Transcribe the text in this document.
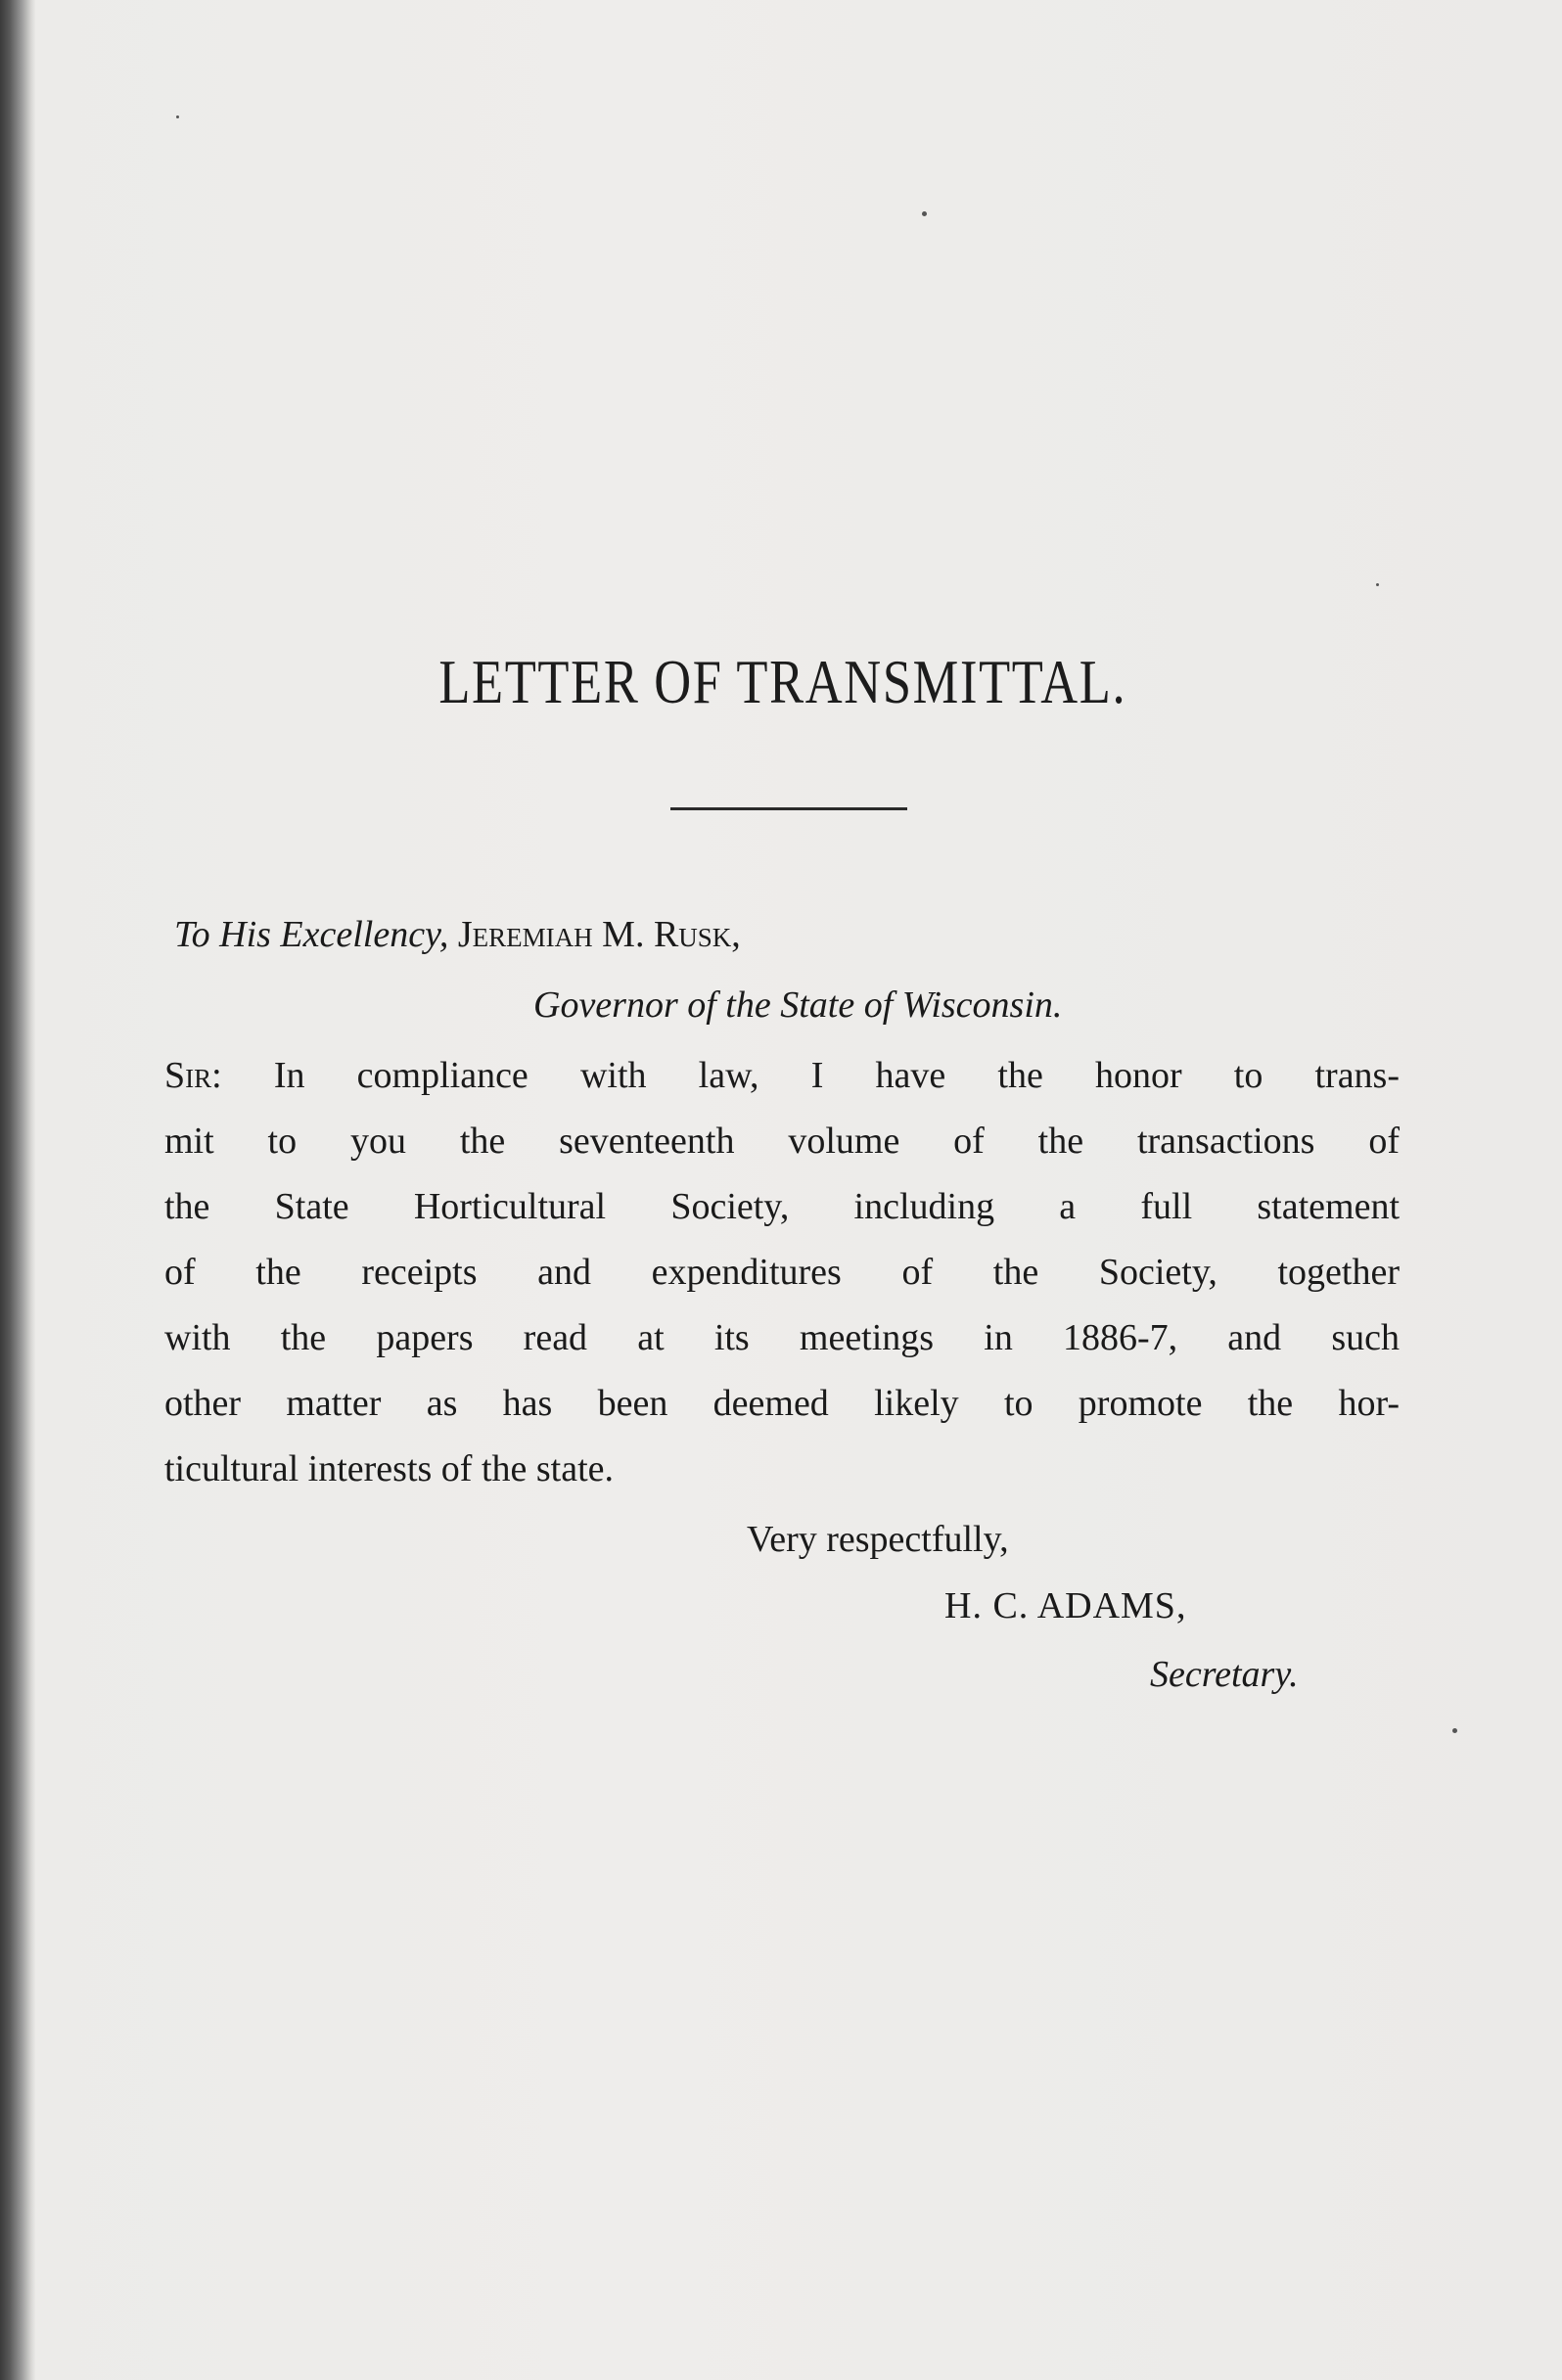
LETTER OF TRANSMITTAL.
To His Excellency, Jeremiah M. Rusk,
Governor of the State of Wisconsin.
Sir: In compliance with law, I have the honor to trans-
mit to you the seventeenth volume of the transactions of
the State Horticultural Society, including a full statement
of the receipts and expenditures of the Society, together
with the papers read at its meetings in 1886-7, and such
other matter as has been deemed likely to promote the hor-
ticultural interests of the state.
Very respectfully,
H. C. ADAMS,
Secretary.
